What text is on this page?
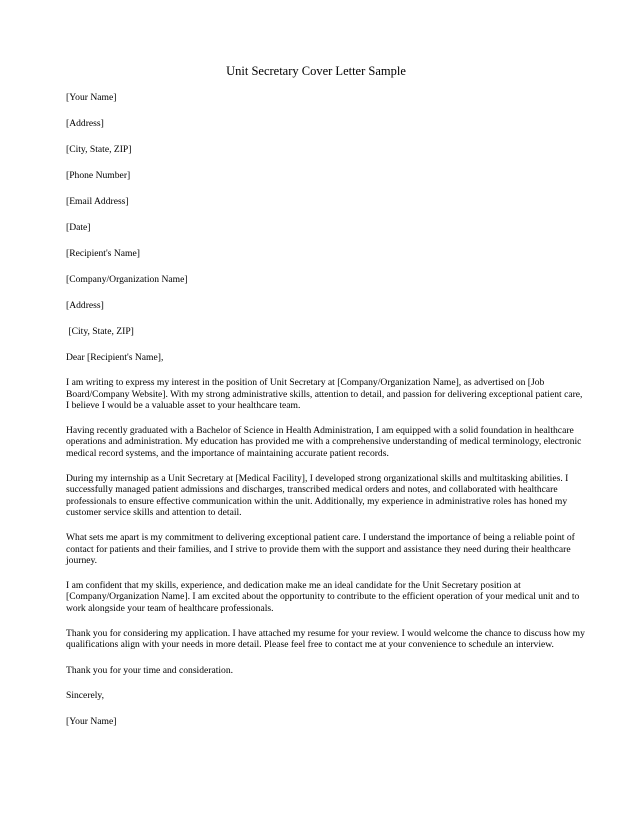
Unit Secretary Cover Letter Sample
[Your Name]
[Address]
[City, State, ZIP]
[Phone Number]
[Email Address]
[Date]
[Recipient's Name]
[Company/Organization Name]
[Address]
[City, State, ZIP]
Dear [Recipient's Name],

I am writing to express my interest in the position of Unit Secretary at [Company/Organization Name], as advertised on [Job Board/Company Website]. With my strong administrative skills, attention to detail, and passion for delivering exceptional patient care, I believe I would be a valuable asset to your healthcare team.

Having recently graduated with a Bachelor of Science in Health Administration, I am equipped with a solid foundation in healthcare operations and administration. My education has provided me with a comprehensive understanding of medical terminology, electronic medical record systems, and the importance of maintaining accurate patient records.

During my internship as a Unit Secretary at [Medical Facility], I developed strong organizational skills and multitasking abilities. I successfully managed patient admissions and discharges, transcribed medical orders and notes, and collaborated with healthcare professionals to ensure effective communication within the unit. Additionally, my experience in administrative roles has honed my customer service skills and attention to detail.

What sets me apart is my commitment to delivering exceptional patient care. I understand the importance of being a reliable point of contact for patients and their families, and I strive to provide them with the support and assistance they need during their healthcare journey.

I am confident that my skills, experience, and dedication make me an ideal candidate for the Unit Secretary position at [Company/Organization Name]. I am excited about the opportunity to contribute to the efficient operation of your medical unit and to work alongside your team of healthcare professionals.

Thank you for considering my application. I have attached my resume for your review. I would welcome the chance to discuss how my qualifications align with your needs in more detail. Please feel free to contact me at your convenience to schedule an interview.

Thank you for your time and consideration.
Sincerely,
[Your Name]
